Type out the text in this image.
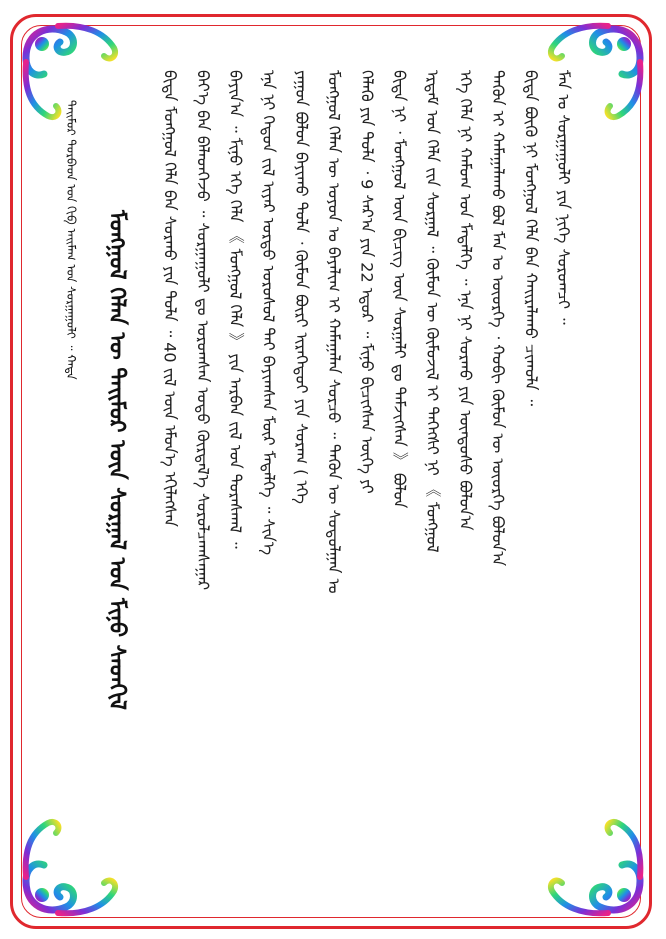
ᠲᠠᠢᠮᠤᠷ ᠳᠤᠷᠪᠡᠳ ᠤᠨ ᠬᠢᠪ ᠠᠢᠮᠠᠭ ᠤᠨ ᠰᠤᠷᠭᠠᠭᠤᠯᠢ ᠃ ᠬᠠᠳᠠ	ᠮᠤᠩᠭᠤᠯ ᠬᠡᠯᠡᠨ ᠦ ᠲᠡᠢᠮᠦᠷ ᠦᠨ ᠰᠤᠷᠭᠠᠯ ᠤᠨ ᠮᠢᠨᠤ ᠰᠡᠳᠬᠢᠯ	ᠪᠢᠳᠡ ᠮᠤᠩᠭᠤᠯ ᠬᠡᠯᠡ ᠪᠡᠨ ᠰᠤᠷᠬᠤ ᠶᠢᠨ ᠲᠤᠯᠠ ᠃ 40 ᠵᠢᠯ ᠦᠨ ᠡᠮᠦᠨ᠎ᠡ ᠡᠬᠢᠯᠡᠭᠰᠡᠨ ᠪᠡᠶ᠎ᠡ ᠪᠠᠨ ᠪᠡᠯᠡᠳᠬᠡᠵᠦ ᠃ ᠰᠤᠷᠭᠠᠭᠤᠯᠢ ᠳᠤ ᠣᠷᠤᠭᠰᠠᠨ ᠣᠳᠣ ᠬᠦᠷᠲᠡᠯ᠎ᠡ ᠰᠤᠷᠤᠯᠴᠠᠭᠰᠠᠭᠠᠷ ᠪᠠᠶᠢᠨ᠎ᠠ ᠃ ᠮᠢᠨᠤ ᠡᠬᠡ ᠬᠡᠯᠡ 《 ᠮᠤᠩᠭᠤᠯ ᠬᠡᠯᠡ 》 ᠶᠢᠨ ᠠᠷᠪᠠᠨ ᠵᠢᠯ ᠤᠨ ᠳᠤᠷᠠᠰᠬᠠᠯ ᠃ ᠡᠨᠡ ᠨᠢ ᠬᠡᠳᠦᠨ ᠵᠢᠯ ᠢᠶᠡᠷ ᠤᠷᠲᠤ ᠤᠷᠤᠰᠤᠯ ᠲᠠᠢ ᠪᠠᠶᠢᠭᠰᠠᠨ ᠮᠦᠷ ᠮᠡᠳᠡᠯᠭᠡ ᠃ ᠰᠢᠨ᠎ᠡ ᠶᠠᠭᠤᠨ ᠪᠤᠯᠤᠨ ᠪᠠᠶᠢᠬᠤ ᠲᠤᠯᠠ ᠂ ᠬᠦᠮᠦᠨ ᠪᠦᠷᠢ ᠢᠷᠡᠭᠡᠳᠦᠢ ᠶᠢᠨ ᠰᠤᠷᠠᠭ ( ᠡᠬᠡ ᠮᠤᠩᠭᠤᠯ ᠬᠡᠯᠡᠨ ᠦ ᠣᠶᠤᠨ ᠤ ᠪᠠᠶᠠᠯᠢᠭ ᠢ ᠬᠠᠮᠠᠭᠠᠯᠠᠨ ᠰᠤᠷᠴᠤ ᠃ ᠲᠡᠭᠦᠨ ᠦ ᠰᠤᠳᠤᠯᠭᠠᠨ ᠤ ᠬᠡᠯᠡᠬᠦ ᠶᠢᠨ ᠲᠤᠯᠠ ᠂ 9 ᠰᠠᠷ᠎ᠠ ᠶᠢᠨ 22 ᠡᠳᠦᠷ ᠃ ᠮᠢᠨᠤ ᠪᠢᠴᠢᠭᠰᠡᠨ ᠦᠭᠡ ᠶᠢ ᠪᠢᠳᠡ ᠨᠢ ᠂ ᠮᠤᠩᠭᠤᠯ ᠦᠨ ᠪᠢᠴᠢᠭ ᠦᠨ ᠰᠤᠷᠭᠠᠯᠢ ᠳᠤ ᠳᠡᠮᠵᠢᠭᠰᠡᠨ 》 ᠪᠤᠯᠤᠨ ᠡᠷᠳᠡᠮ ᠤᠨ ᠬᠡᠯᠡ ᠵᠢᠨ ᠰᠤᠷᠭᠠᠯ ᠃ ᠬᠦᠮᠦᠨ ᠦ ᠬᠦᠮᠦᠵᠢᠯ ᠢ ᠳᠡᠭᠡᠭᠰᠢ ᠨᠢ 《 ᠮᠤᠩᠭᠤᠯ ᠡᠬᠡ ᠬᠡᠯᠡ ᠨᠢ ᠬᠠᠮᠤᠭ ᠤᠨ ᠮᠡᠳᠡᠯᠭᠡ ᠃ ᠡᠨᠡ ᠨᠢ ᠰᠤᠷᠬᠤ ᠶᠢᠨ ᠦᠨᠳᠦᠰᠦ ᠪᠤᠯᠤᠨ᠎ᠠ ᠲᠡᠭᠦᠨ ᠢ ᠬᠠᠮᠠᠭᠠᠯᠠᠬᠤ ᠪᠤᠯ ᠮᠠᠨ ᠤ ᠦᠦᠷᠭᠡ ᠂ ᠬᠤᠪᠢ ᠬᠦᠮᠦᠨ ᠦ ᠦᠦᠷᠭᠡ ᠪᠤᠯᠤᠨ᠎ᠠ ᠪᠢᠳᠡ ᠪᠦᠬᠦ ᠨᠢ ᠮᠤᠩᠭᠤᠯ ᠬᠡᠯᠡ ᠪᠡᠨ ᠬᠠᠢᠷᠠᠯᠠᠬᠤ ᠴᠢᠬᠤᠯᠠ ᠃ ᠮᠠᠨ ᠤ ᠰᠤᠷᠭᠠᠭᠤᠯᠢ ᠶᠢᠨ ᠨᠢᠭᠡ ᠰᠤᠷᠤᠭᠴᠢ ᠃
